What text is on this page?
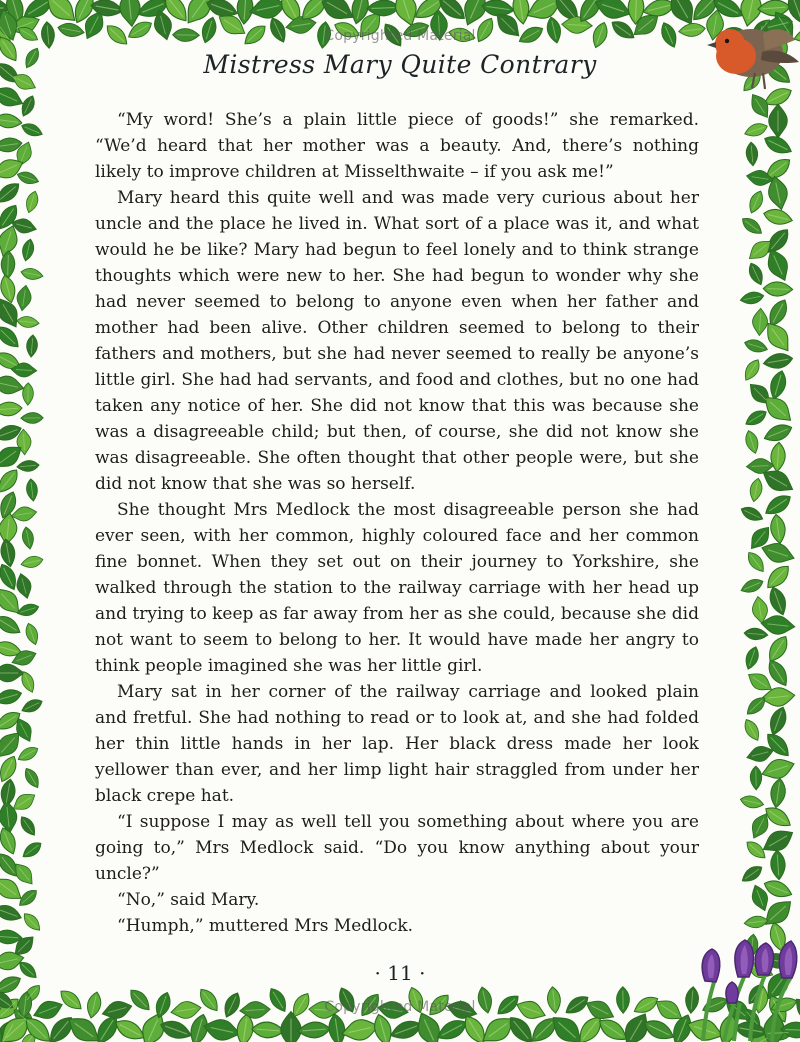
Copyrighted Material
Mistress Mary Quite Contrary

“My word! She’s a plain little piece of goods!” she remarked. “We’d heard that her mother was a beauty. And, there’s nothing likely to improve children at Misselthwaite – if you ask me!”

Mary heard this quite well and was made very curious about her uncle and the place he lived in. What sort of a place was it, and what would he be like? Mary had begun to feel lonely and to think strange thoughts which were new to her. She had begun to wonder why she had never seemed to belong to anyone even when her father and mother had been alive. Other children seemed to belong to their fathers and mothers, but she had never seemed to really be anyone’s little girl. She had had servants, and food and clothes, but no one had taken any notice of her. She did not know that this was because she was a disagreeable child; but then, of course, she did not know she was disagreeable. She often thought that other people were, but she did not know that she was so herself.

She thought Mrs Medlock the most disagreeable person she had ever seen, with her common, highly coloured face and her common fine bonnet. When they set out on their journey to Yorkshire, she walked through the station to the railway carriage with her head up and trying to keep as far away from her as she could, because she did not want to seem to belong to her. It would have made her angry to think people imagined she was her little girl.

Mary sat in her corner of the railway carriage and looked plain and fretful. She had nothing to read or to look at, and she had folded her thin little hands in her lap. Her black dress made her look yellower than ever, and her limp light hair straggled from under her black crepe hat.

“I suppose I may as well tell you something about where you are going to,” Mrs Medlock said. “Do you know anything about your uncle?”

“No,” said Mary.

“Humph,” muttered Mrs Medlock.

· 11 ·
Copyrighted Material
